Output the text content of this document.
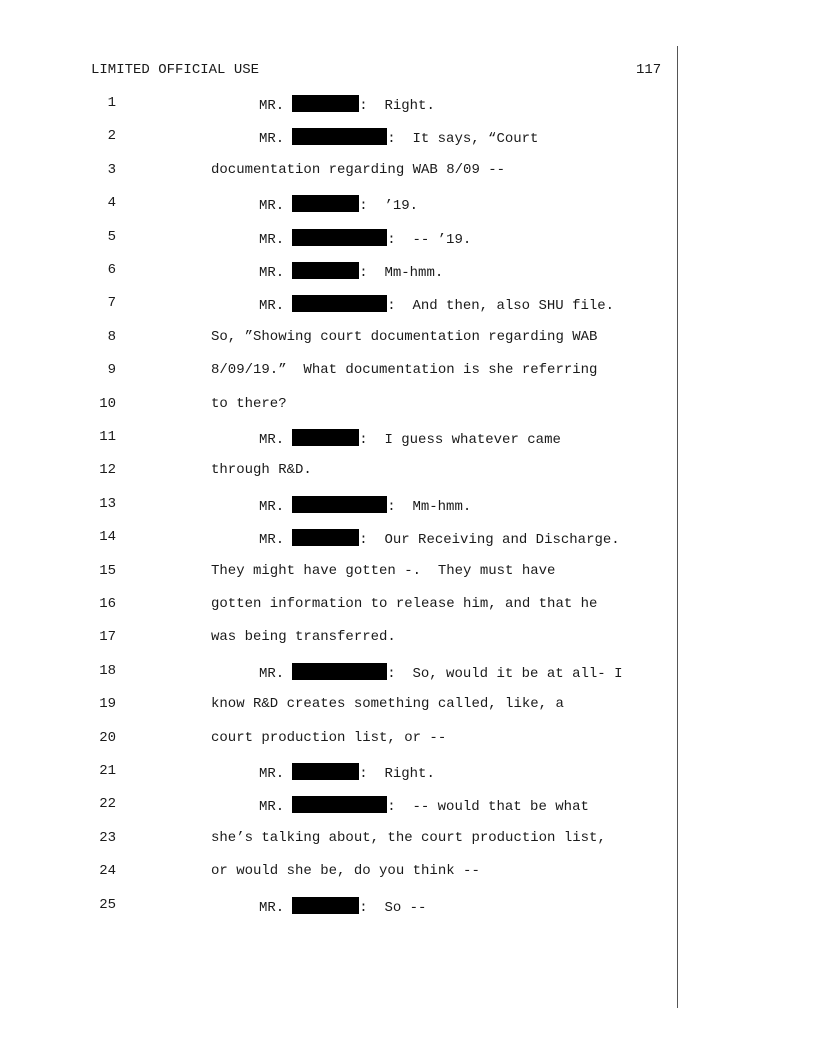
LIMITED OFFICIAL USE	117
1	MR.	:  Right.
2	MR.	:  It says, “Court
3	documentation regarding WAB 8/09 --
4	MR.	:  ’19.
5	MR.	:  -- ’19.
6	MR.	:  Mm-hmm.
7	MR.	:  And then, also SHU file.
8	So, ”Showing court documentation regarding WAB
9	8/09/19.”  What documentation is she referring
10	to there?
11	MR.	:  I guess whatever came
12	through R&D.
13	MR.	:  Mm-hmm.
14	MR.	:  Our Receiving and Discharge.
15	They might have gotten -.  They must have
16	gotten information to release him, and that he
17	was being transferred.
18	MR.	:  So, would it be at all- I
19	know R&D creates something called, like, a
20	court production list, or --
21	MR.	:  Right.
22	MR.	:  -- would that be what
23	she’s talking about, the court production list,
24	or would she be, do you think --
25	MR.	:  So --
